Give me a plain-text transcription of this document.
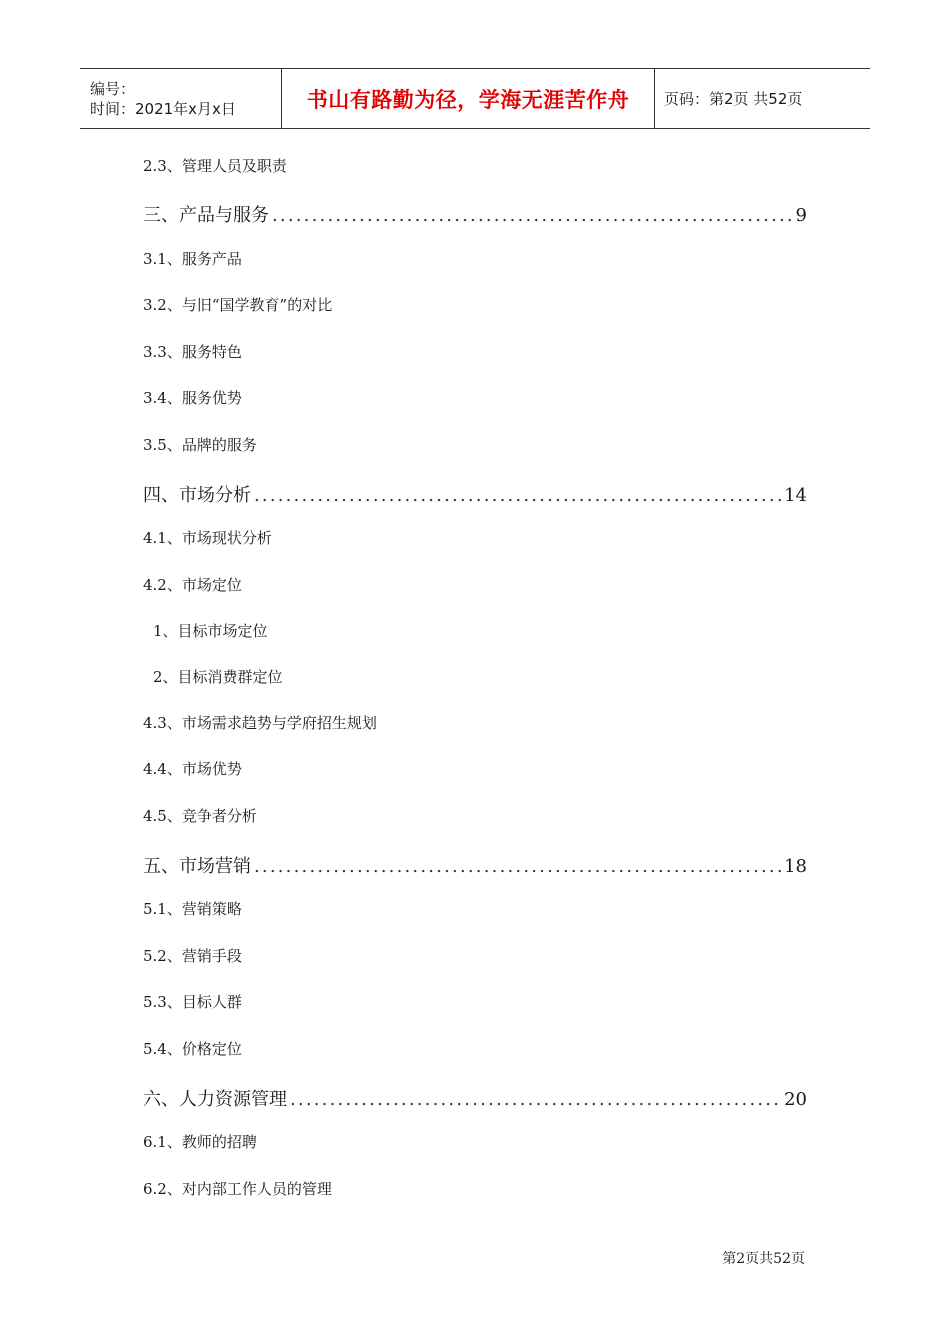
编号：
时间：2021年x月x日	书山有路勤为径，学海无涯苦作舟 页码：第2页 共52页
2.3、管理人员及职责
三、产品与服务 .....	9
3.1、服务产品
3.2、与旧“国学教育”的对比
3.3、服务特色
3.4、服务优势
3.5、品牌的服务
四、市场分析 .....	14
4.1、市场现状分析
4.2、市场定位
1、目标市场定位
2、目标消费群定位
4.3、市场需求趋势与学府招生规划
4.4、市场优势
4.5、竞争者分析
五、市场营销 .....	18
5.1、营销策略
5.2、营销手段
5.3、目标人群
5.4、价格定位
六、人力资源管理 .....	20
6.1、教师的招聘
6.2、对内部工作人员的管理
第2页共52页
